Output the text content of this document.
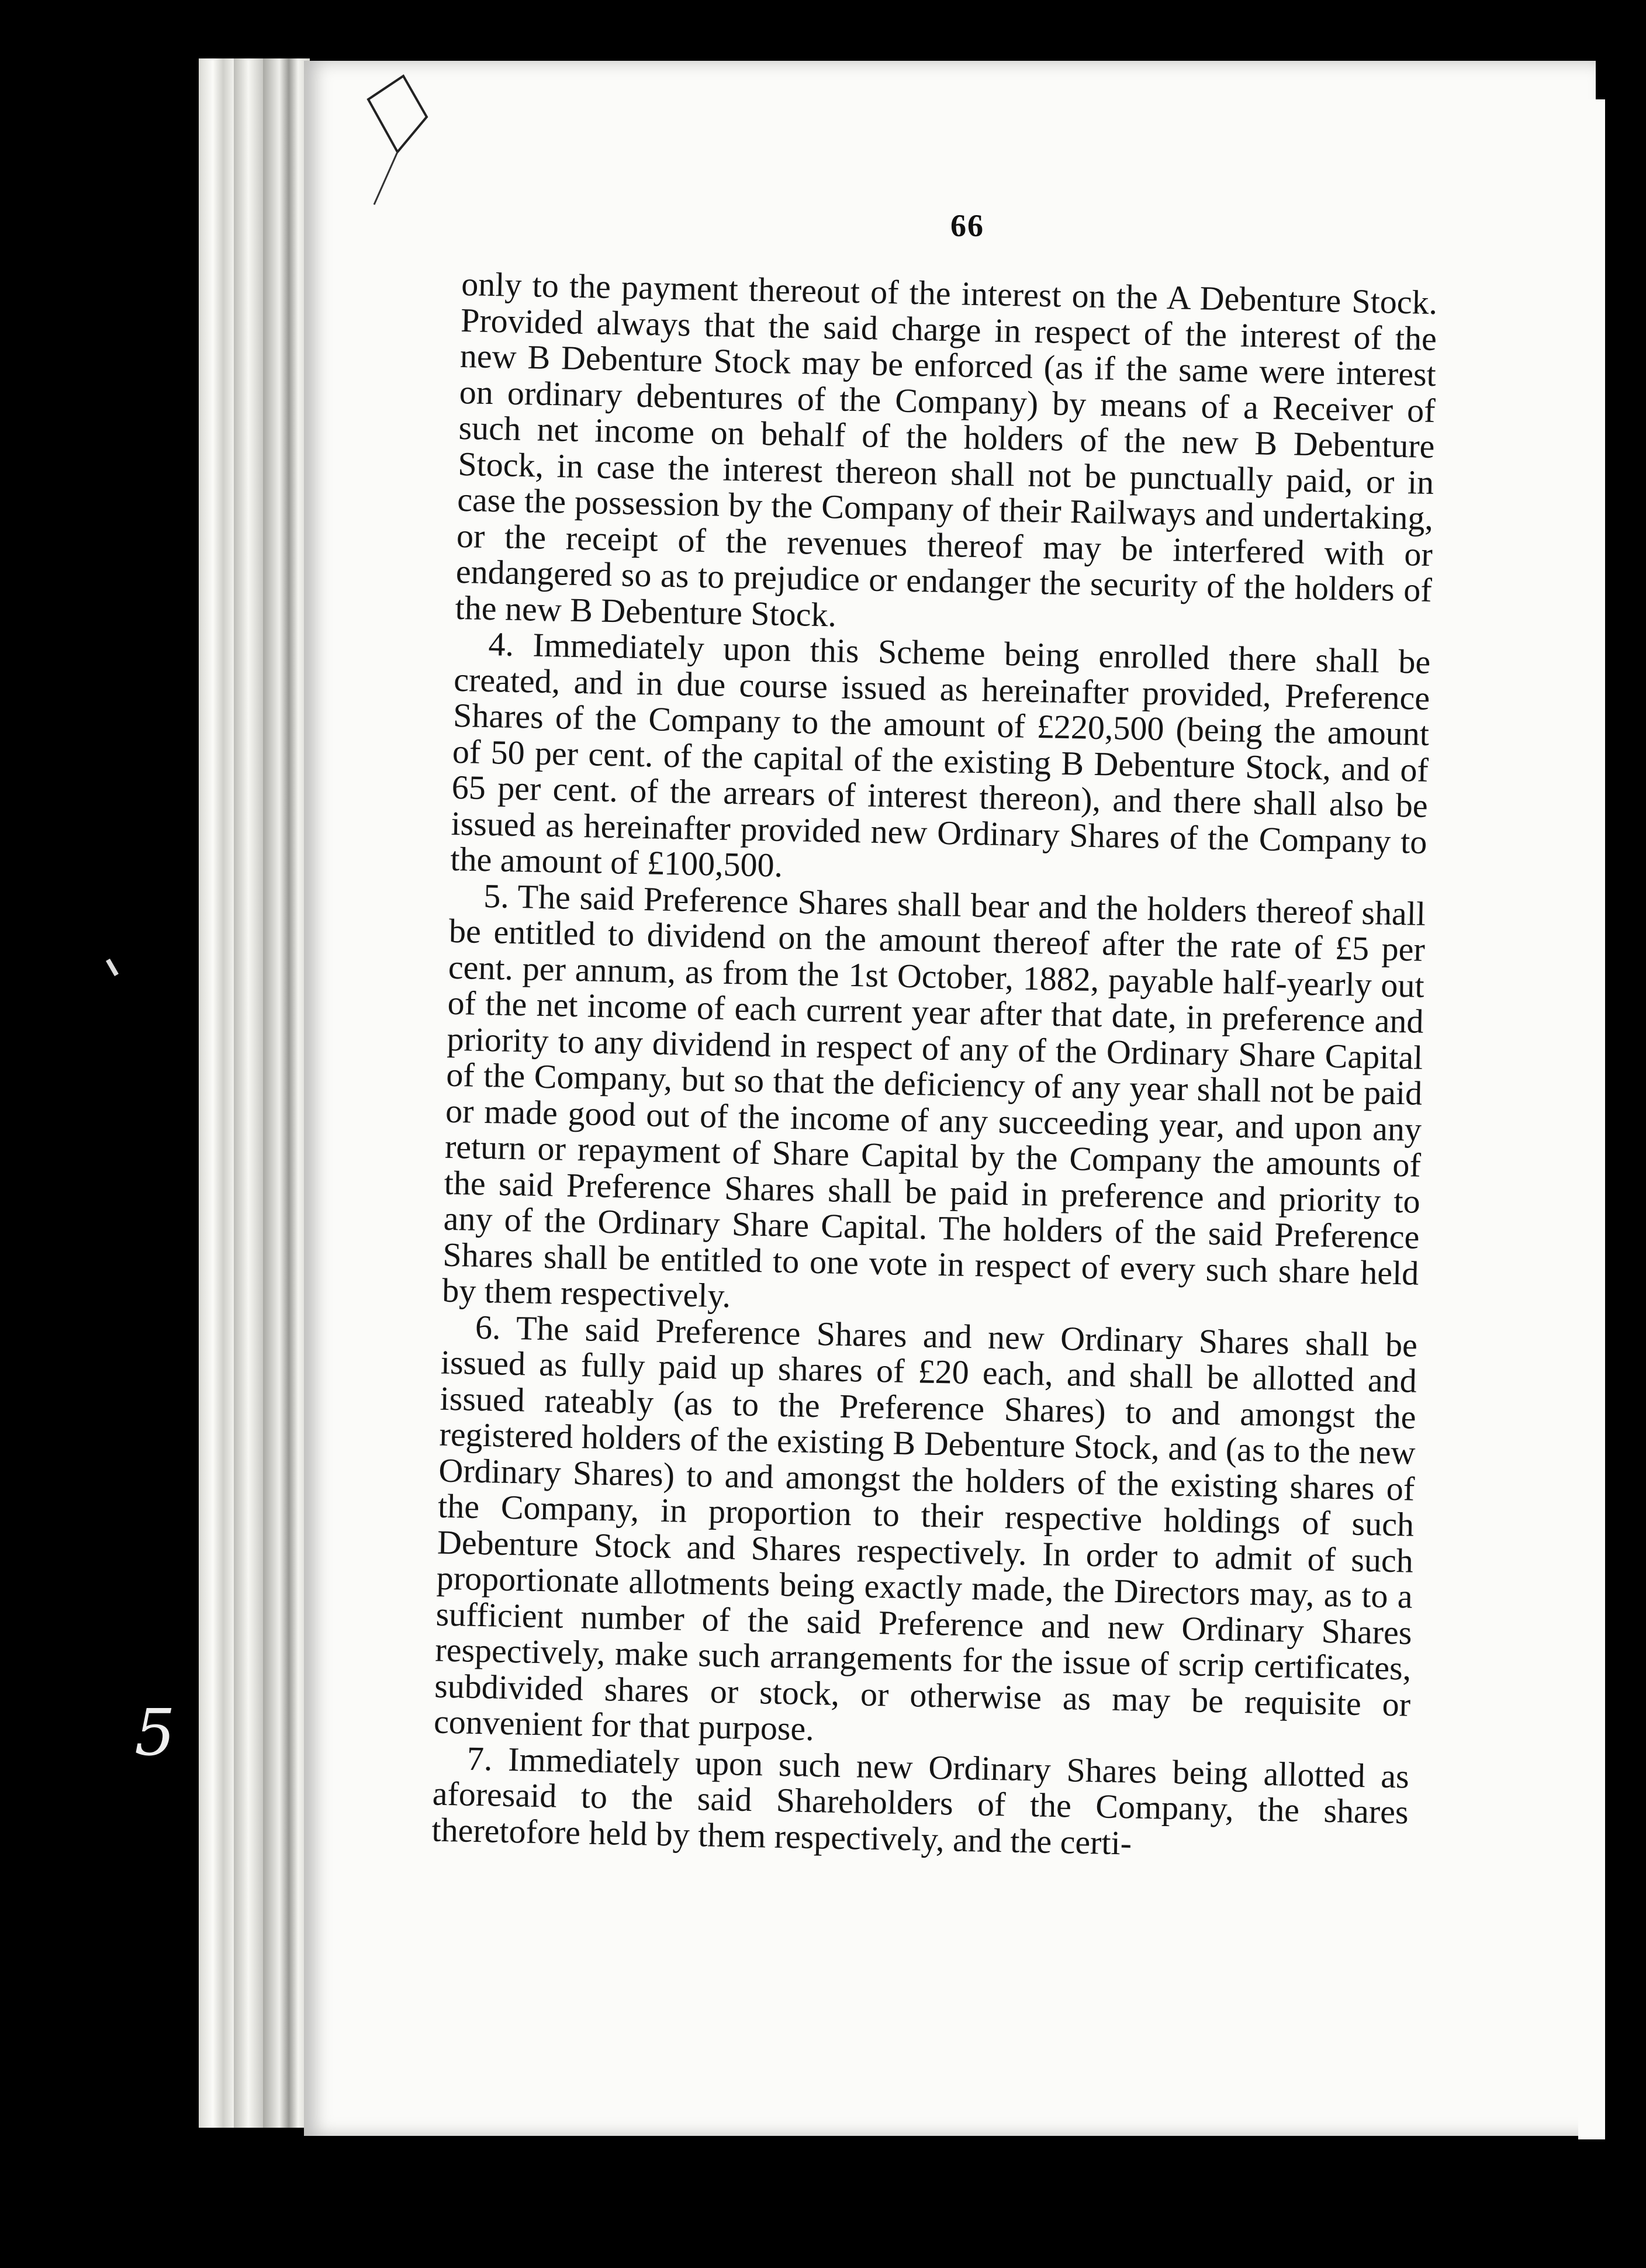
5
66

only to the payment thereout of the interest on the A Debenture Stock. Provided always that the said charge in respect of the interest of the new B Debenture Stock may be enforced (as if the same were interest on ordinary debentures of the Company) by means of a Receiver of such net income on behalf of the holders of the new B Debenture Stock, in case the interest thereon shall not be punctually paid, or in case the possession by the Company of their Railways and undertaking, or the receipt of the revenues thereof may be interfered with or endangered so as to prejudice or endanger the security of the holders of the new B Debenture Stock.

4. Immediately upon this Scheme being enrolled there shall be created, and in due course issued as hereinafter provided, Preference Shares of the Company to the amount of £220,500 (being the amount of 50 per cent. of the capital of the existing B Debenture Stock, and of 65 per cent. of the arrears of interest thereon), and there shall also be issued as hereinafter provided new Ordinary Shares of the Company to the amount of £100,500.

5. The said Preference Shares shall bear and the holders thereof shall be entitled to dividend on the amount thereof after the rate of £5 per cent. per annum, as from the 1st October, 1882, payable half-yearly out of the net income of each current year after that date, in preference and priority to any dividend in respect of any of the Ordinary Share Capital of the Company, but so that the deficiency of any year shall not be paid or made good out of the income of any succeeding year, and upon any return or repayment of Share Capital by the Company the amounts of the said Preference Shares shall be paid in preference and priority to any of the Ordinary Share Capital. The holders of the said Preference Shares shall be entitled to one vote in respect of every such share held by them respectively.

6. The said Preference Shares and new Ordinary Shares shall be issued as fully paid up shares of £20 each, and shall be allotted and issued rateably (as to the Preference Shares) to and amongst the registered holders of the existing B Debenture Stock, and (as to the new Ordinary Shares) to and amongst the holders of the existing shares of the Company, in proportion to their respective holdings of such Debenture Stock and Shares respectively. In order to admit of such proportionate allotments being exactly made, the Directors may, as to a sufficient number of the said Preference and new Ordinary Shares respectively, make such arrangements for the issue of scrip certificates, subdivided shares or stock, or otherwise as may be requisite or convenient for that purpose.

7. Immediately upon such new Ordinary Shares being allotted as aforesaid to the said Shareholders of the Company, the shares theretofore held by them respectively, and the certi-
